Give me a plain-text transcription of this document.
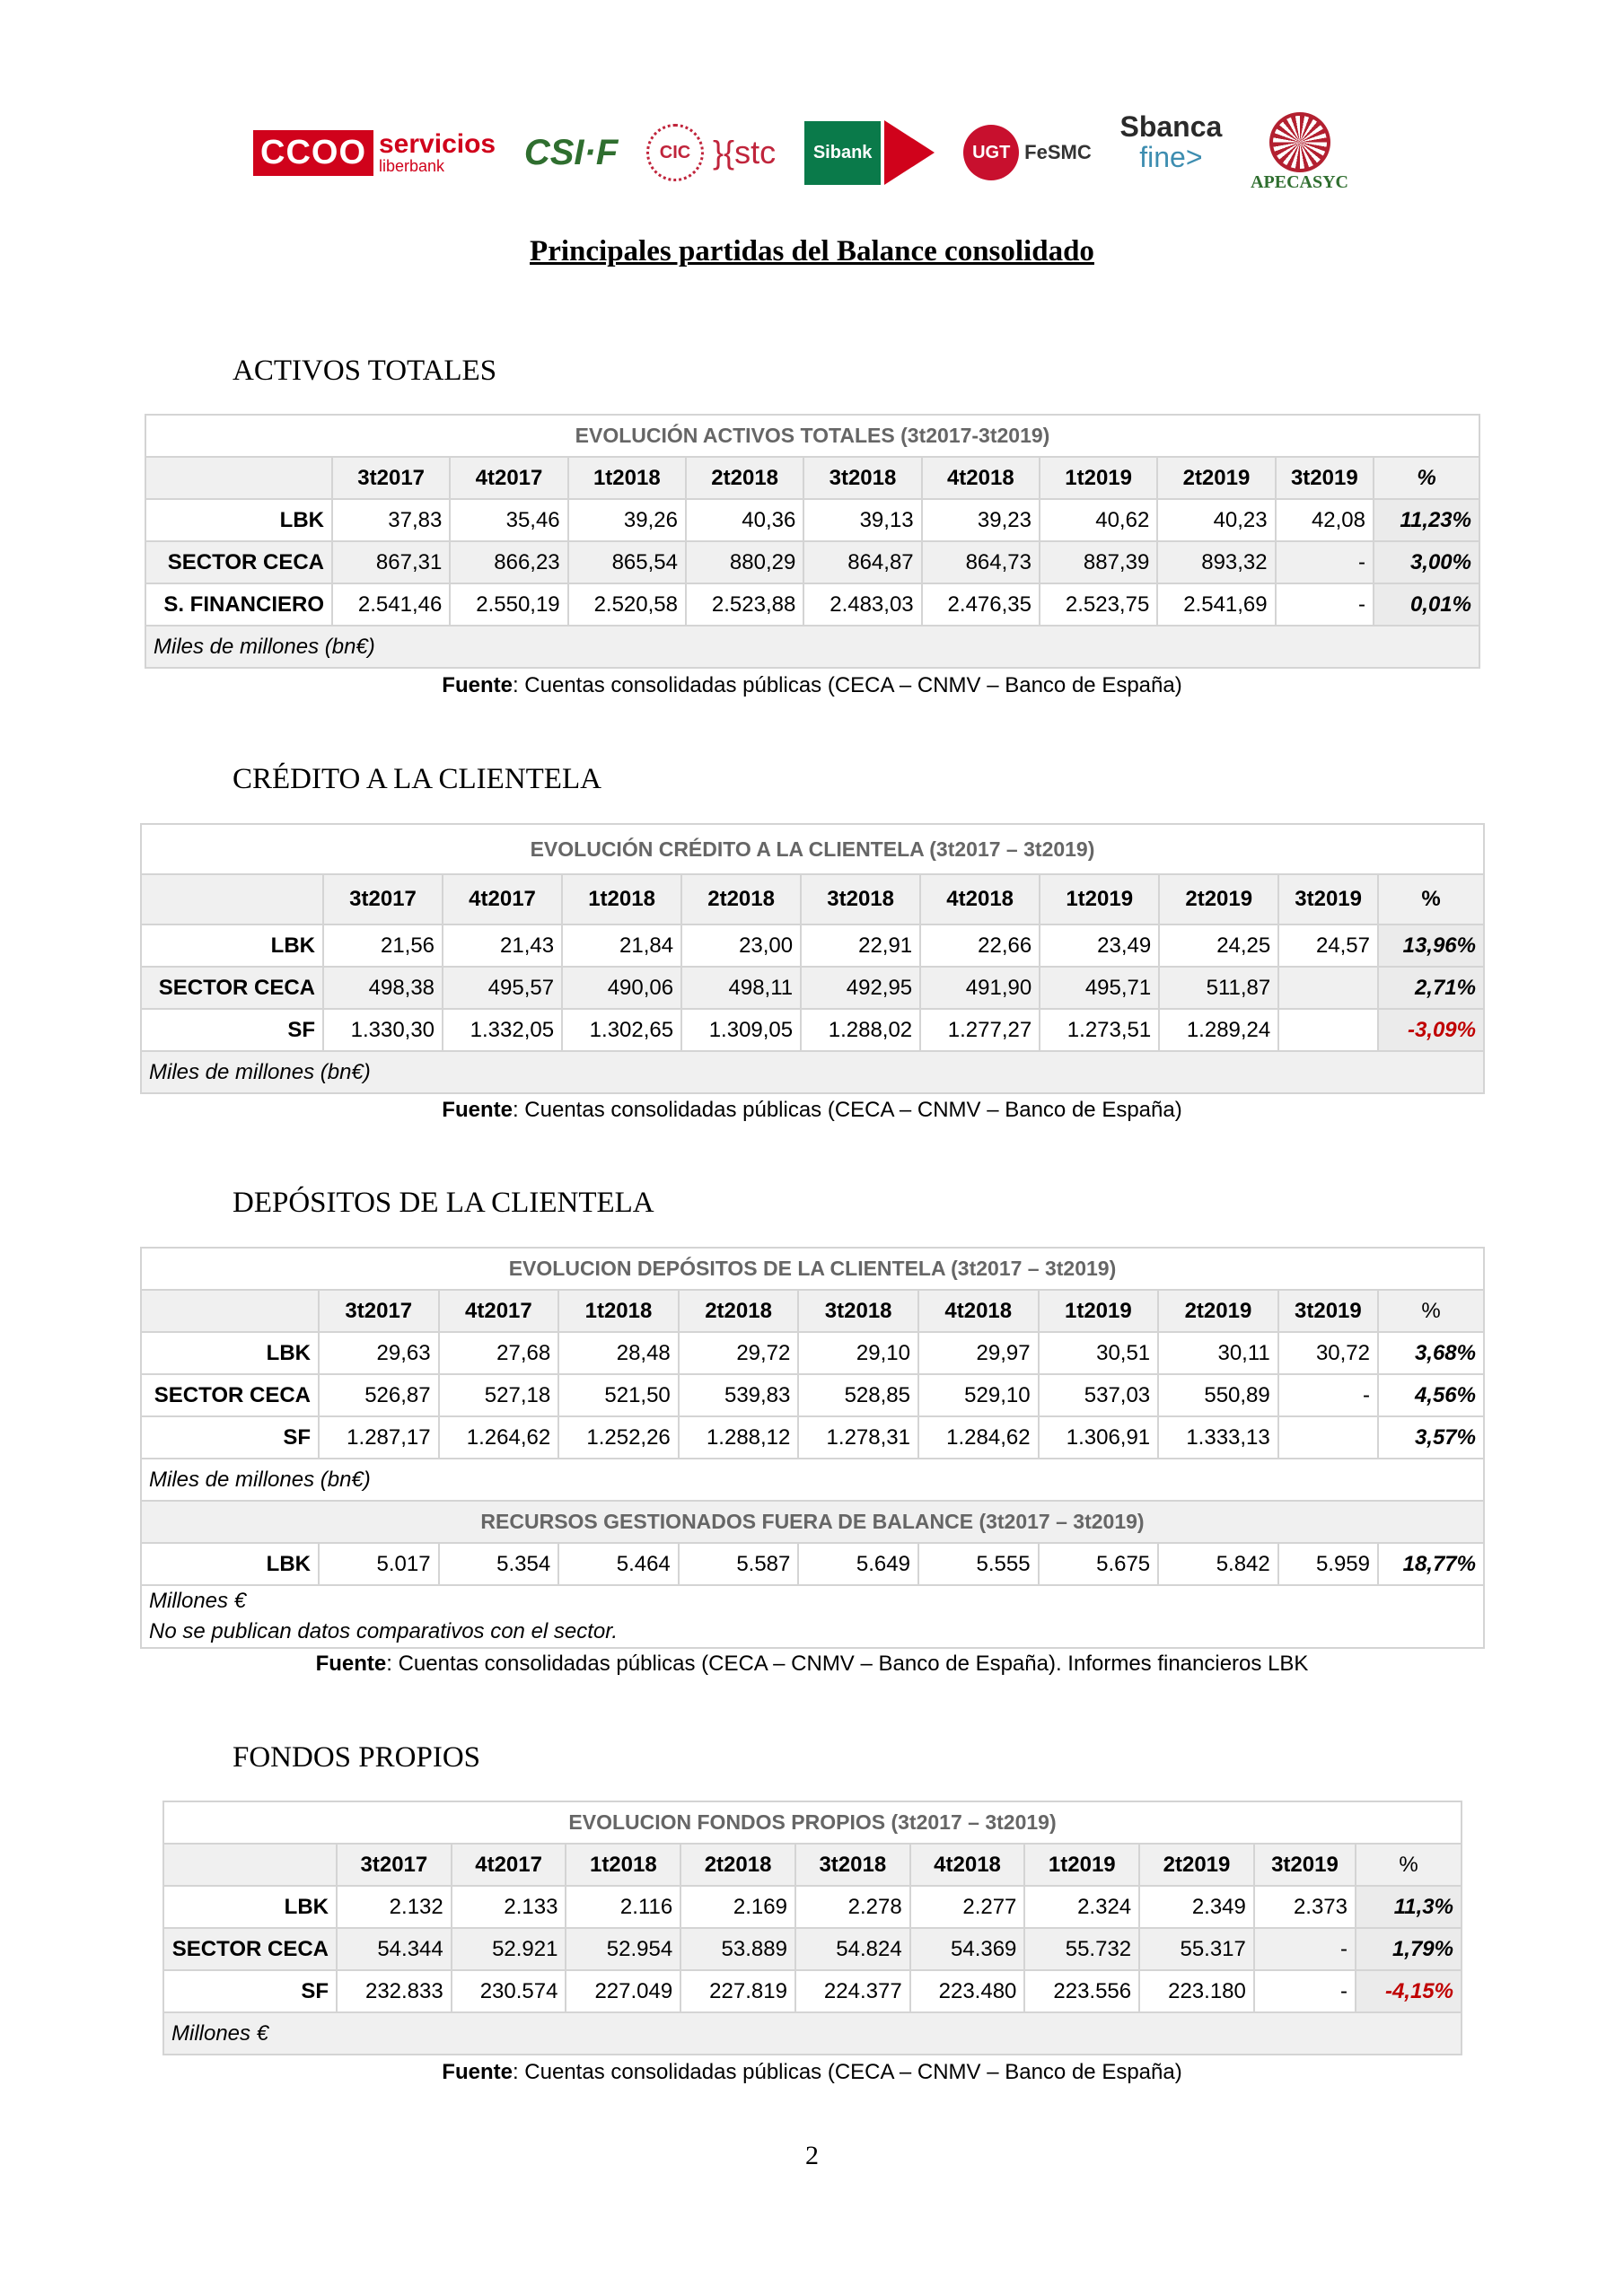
CCOO servicios
liberbank	CSI·F	CIC }{stc	Sibank	UGT FeSMC
Sbanca
fine>
APECASYC
Principales partidas del Balance consolidado
ACTIVOS TOTALES
EVOLUCIÓN ACTIVOS TOTALES (3t2017-3t2019)										
	3t2017	4t2017	1t2018	2t2018	3t2018	4t2018	1t2019	2t2019	3t2019	%
LBK	37,83	35,46	39,26	40,36	39,13	39,23	40,62	40,23	42,08	11,23%
SECTOR CECA	867,31	866,23	865,54	880,29	864,87	864,73	887,39	893,32	-	3,00%
S. FINANCIERO	2.541,46	2.550,19	2.520,58	2.523,88	2.483,03	2.476,35	2.523,75	2.541,69	-	0,01%
Miles de millones (bn€)										
Fuente: Cuentas consolidadas públicas (CECA – CNMV – Banco de España)
CRÉDITO A LA CLIENTELA
EVOLUCIÓN CRÉDITO A LA CLIENTELA (3t2017 – 3t2019)										
	3t2017	4t2017	1t2018	2t2018	3t2018	4t2018	1t2019	2t2019	3t2019	%
LBK	21,56	21,43	21,84	23,00	22,91	22,66	23,49	24,25	24,57	13,96%
SECTOR CECA	498,38	495,57	490,06	498,11	492,95	491,90	495,71	511,87		2,71%
SF	1.330,30	1.332,05	1.302,65	1.309,05	1.288,02	1.277,27	1.273,51	1.289,24		-3,09%
Miles de millones (bn€)										
Fuente: Cuentas consolidadas públicas (CECA – CNMV – Banco de España)
DEPÓSITOS DE LA CLIENTELA
EVOLUCION DEPÓSITOS DE LA CLIENTELA (3t2017 – 3t2019)										
	3t2017	4t2017	1t2018	2t2018	3t2018	4t2018	1t2019	2t2019	3t2019	%
LBK	29,63	27,68	28,48	29,72	29,10	29,97	30,51	30,11	30,72	3,68%
SECTOR CECA	526,87	527,18	521,50	539,83	528,85	529,10	537,03	550,89	-	4,56%
SF	1.287,17	1.264,62	1.252,26	1.288,12	1.278,31	1.284,62	1.306,91	1.333,13		3,57%
Miles de millones (bn€)										
RECURSOS GESTIONADOS FUERA DE BALANCE (3t2017 – 3t2019)										
LBK	5.017	5.354	5.464	5.587	5.649	5.555	5.675	5.842	5.959	18,77%
Millones €
No se publican datos comparativos con el sector.										
Fuente: Cuentas consolidadas públicas (CECA – CNMV – Banco de España). Informes financieros LBK
FONDOS PROPIOS
EVOLUCION FONDOS PROPIOS (3t2017 – 3t2019)										
	3t2017	4t2017	1t2018	2t2018	3t2018	4t2018	1t2019	2t2019	3t2019	%
LBK	2.132	2.133	2.116	2.169	2.278	2.277	2.324	2.349	2.373	11,3%
SECTOR CECA	54.344	52.921	52.954	53.889	54.824	54.369	55.732	55.317	-	1,79%
SF	232.833	230.574	227.049	227.819	224.377	223.480	223.556	223.180	-	-4,15%
Millones €										
Fuente: Cuentas consolidadas públicas (CECA – CNMV – Banco de España)
2
